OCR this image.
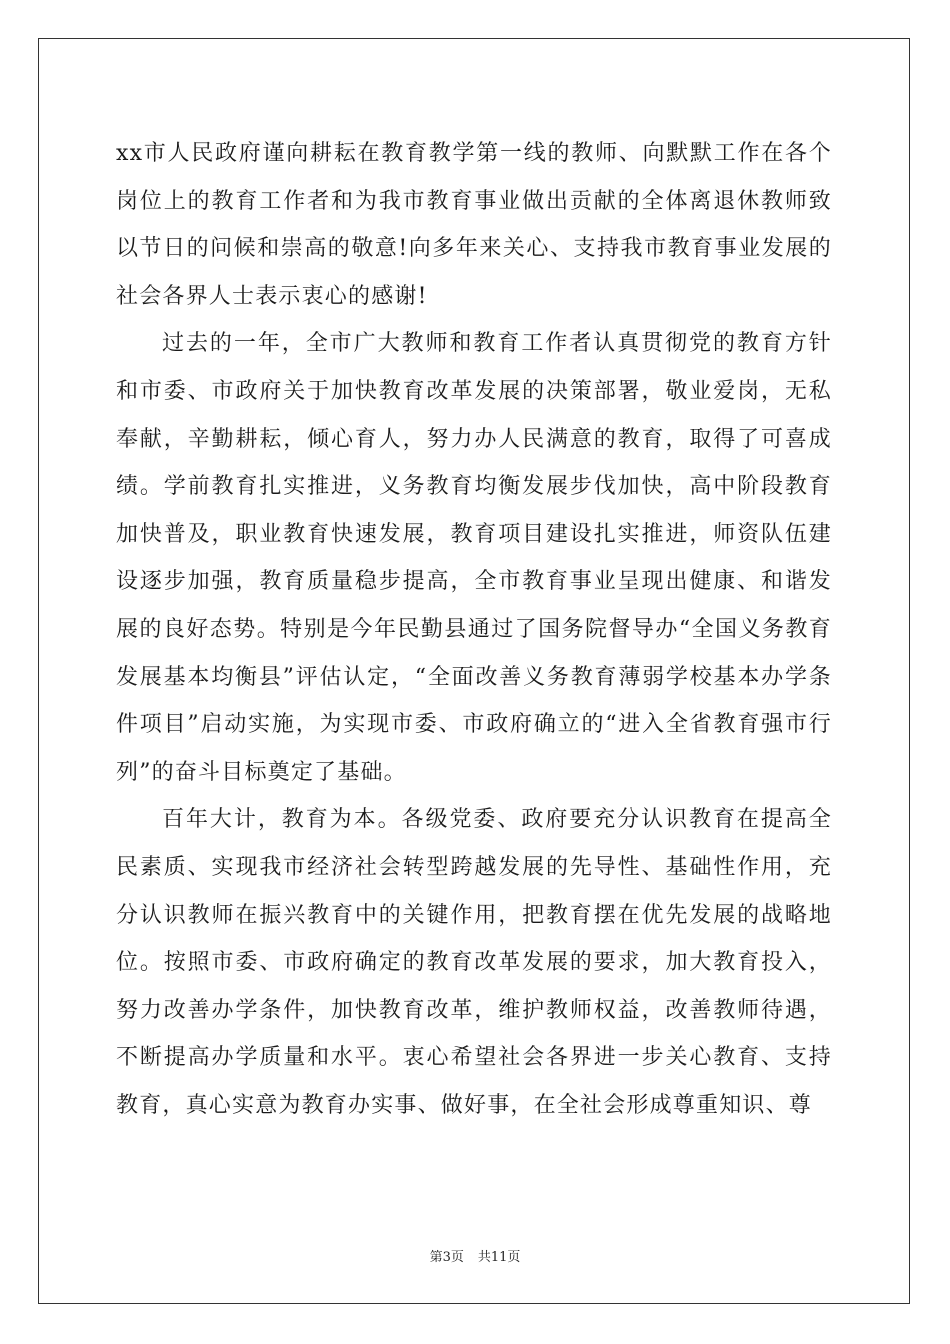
xx市人民政府谨向耕耘在教育教学第一线的教师、向默默工作在各个岗位上的教育工作者和为我市教育事业做出贡献的全体离退休教师致以节日的问候和崇高的敬意!向多年来关心、支持我市教育事业发展的社会各界人士表示衷心的感谢!

过去的一年，全市广大教师和教育工作者认真贯彻党的教育方针和市委、市政府关于加快教育改革发展的决策部署，敬业爱岗，无私奉献，辛勤耕耘，倾心育人，努力办人民满意的教育，取得了可喜成绩。学前教育扎实推进，义务教育均衡发展步伐加快，高中阶段教育加快普及，职业教育快速发展，教育项目建设扎实推进，师资队伍建设逐步加强，教育质量稳步提高，全市教育事业呈现出健康、和谐发展的良好态势。特别是今年民勤县通过了国务院督导办“全国义务教育发展基本均衡县”评估认定，“全面改善义务教育薄弱学校基本办学条件项目”启动实施，为实现市委、市政府确立的“进入全省教育强市行列”的奋斗目标奠定了基础。

百年大计，教育为本。各级党委、政府要充分认识教育在提高全民素质、实现我市经济社会转型跨越发展的先导性、基础性作用，充分认识教师在振兴教育中的关键作用，把教育摆在优先发展的战略地位。按照市委、市政府确定的教育改革发展的要求，加大教育投入，努力改善办学条件，加快教育改革，维护教师权益，改善教师待遇，不断提高办学质量和水平。衷心希望社会各界进一步关心教育、支持教育，真心实意为教育办实事、做好事，在全社会形成尊重知识、尊

第3页 共11页
